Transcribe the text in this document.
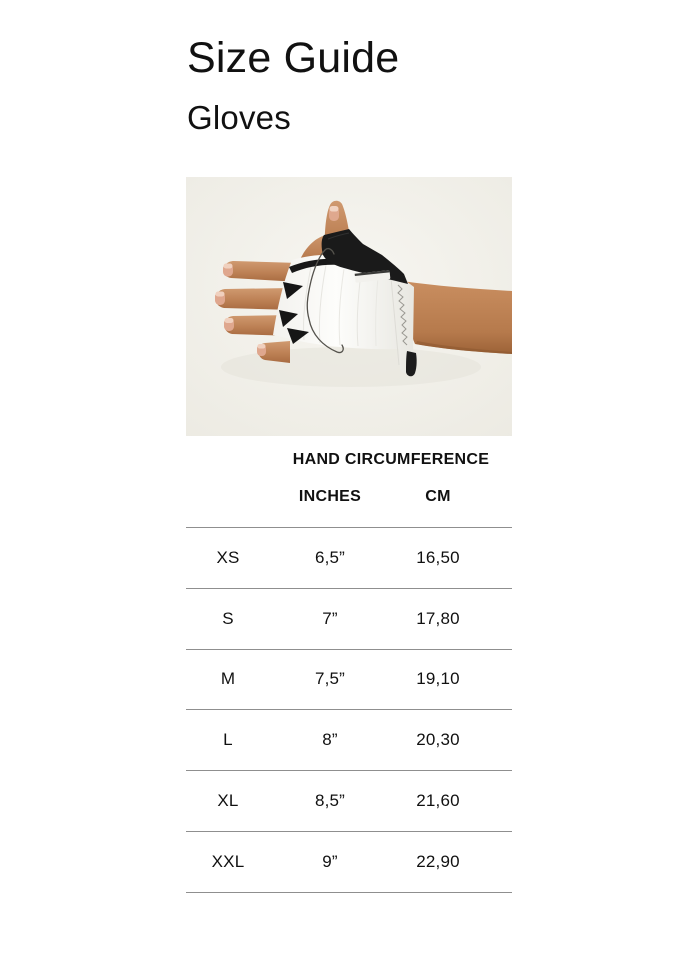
Size Guide
Gloves
HAND CIRCUMFERENCE
INCHES	CM
XS	6,5”	16,50
S	7”	17,80
M	7,5”	19,10
L	8”	20,30
XL	8,5”	21,60
XXL	9”	22,90
